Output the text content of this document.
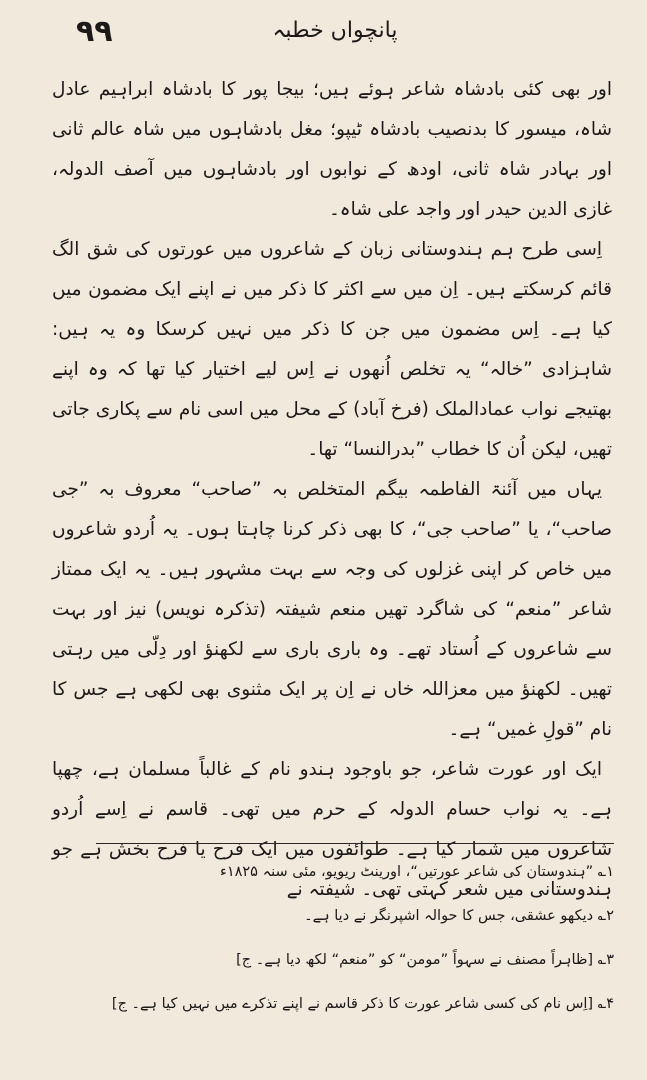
۹۹	پانچواں خطبہ

اور بھی کئی بادشاہ شاعر ہوئے ہیں؛ بیجا پور کا بادشاہ ابراہیم عادل شاہ، میسور کا بدنصیب بادشاہ ٹیپو؛ مغل بادشاہوں میں شاہ عالم ثانی اور بہادر شاہ ثانی، اودھ کے نوابوں اور بادشاہوں میں آصف الدولہ، غازی الدین حیدر اور واجد علی شاہ۔

اِسی طرح ہم ہندوستانی زبان کے شاعروں میں عورتوں کی شق الگ قائم کرسکتے ہیں۔ اِن میں سے اکثر کا ذکر میں نے اپنے ایک مضمون میں کیا ہے۔ اِس مضمون میں جن کا ذکر میں نہیں کرسکا وہ یہ ہیں: شاہزادی ”خالہ“ یہ تخلص اُنھوں نے اِس لیے اختیار کیا تھا کہ وہ اپنے بھتیجے نواب عمادالملک (فرخ آباد) کے محل میں اسی نام سے پکاری جاتی تھیں، لیکن اُن کا خطاب ”بدرالنسا“ تھا۔

یہاں میں آئنۃ الفاطمہ بیگم المتخلص بہ ”صاحب“ معروف بہ ”جی صاحب“، یا ”صاحب جی“، کا بھی ذکر کرنا چاہتا ہوں۔ یہ اُردو شاعروں میں خاص کر اپنی غزلوں کی وجہ سے بہت مشہور ہیں۔ یہ ایک ممتاز شاعر ”منعم“ کی شاگرد تھیں منعم شیفتہ (تذکرہ نویس) نیز اور بہت سے شاعروں کے اُستاد تھے۔ وہ باری باری سے لکھنؤ اور دِلّی میں رہتی تھیں۔ لکھنؤ میں معزاللہ خاں نے اِن پر ایک مثنوی بھی لکھی ہے جس کا نام ”قولِ غمیں“ ہے۔

ایک اور عورت شاعر، جو باوجود ہندو نام کے غالباً مسلمان ہے، چھپا ہے۔ یہ نواب حسام الدولہ کے حرم میں تھی۔ قاسم نے اِسے اُردو شاعروں میں شمار کیا ہے۔ طوائفوں میں ایک فرح یا فرح بخش ہے جو ہندوستانی میں شعر کہتی تھی۔ شیفتہ نے

۱؎ ”ہندوستان کی شاعر عورتیں“، اورینٹ ریویو، مئی سنہ ۱۸۲۵ء
۲؎ دیکھو عشقی، جس کا حوالہ اشپرنگر نے دیا ہے۔
۳؎ [ظاہراً مصنف نے سہواً ”مومن“ کو ”منعم“ لکھ دیا ہے۔ ج]
۴؎ [اِس نام کی کسی شاعر عورت کا ذکر قاسم نے اپنے تذکرے میں نہیں کیا ہے۔ ج]
